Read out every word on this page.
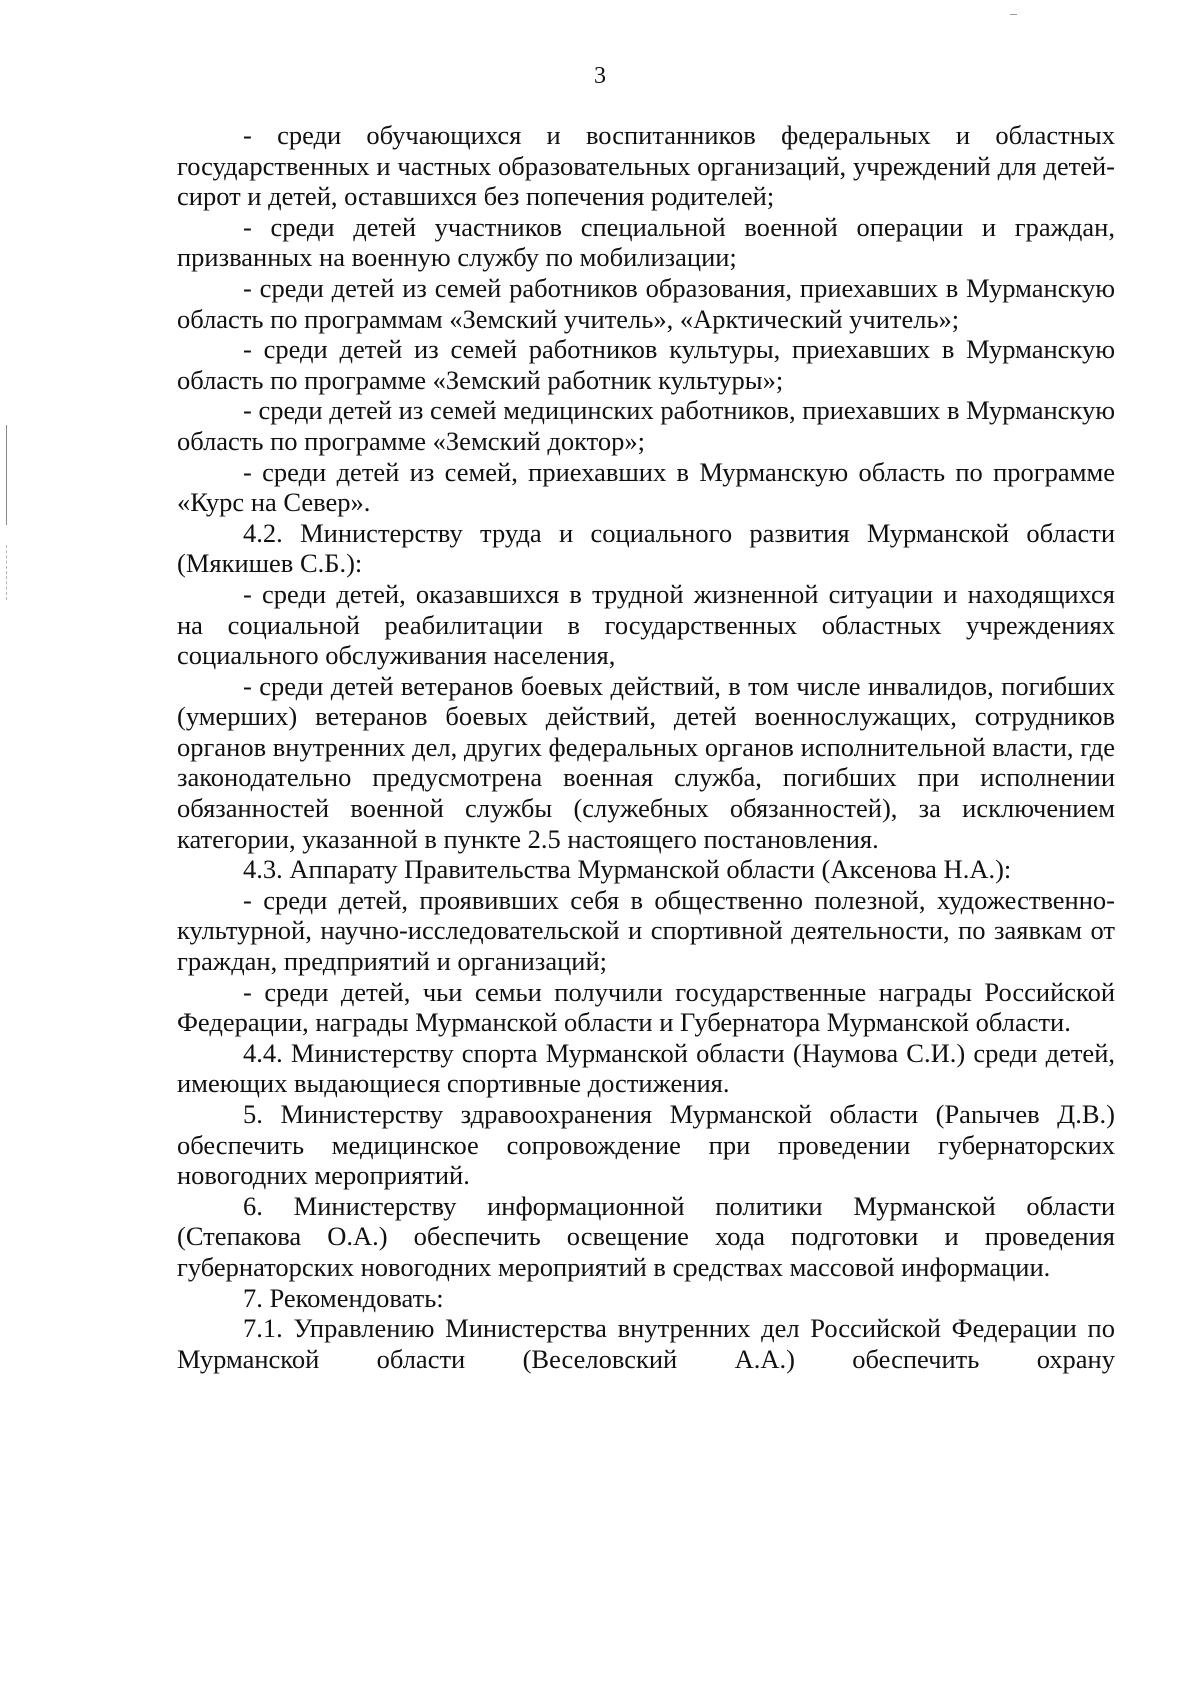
3

- среди обучающихся и воспитанников федеральных и областных государственных и частных образовательных организаций, учреждений для детей-сирот и детей, оставшихся без попечения родителей;

- среди детей участников специальной военной операции и граждан, призванных на военную службу по мобилизации;

- среди детей из семей работников образования, приехавших в Мурманскую область по программам «Земский учитель», «Арктический учитель»;

- среди детей из семей работников культуры, приехавших в Мурманскую область по программе «Земский работник культуры»;

- среди детей из семей медицинских работников, приехавших в Мурманскую область по программе «Земский доктор»;

- среди детей из семей, приехавших в Мурманскую область по программе «Курс на Север».

4.2. Министерству труда и социального развития Мурманской области (Мякишев С.Б.):

- среди детей, оказавшихся в трудной жизненной ситуации и находящихся на социальной реабилитации в государственных областных учреждениях социального обслуживания населения,

- среди детей ветеранов боевых действий, в том числе инвалидов, погибших (умерших) ветеранов боевых действий, детей военнослужащих, сотрудников органов внутренних дел, других федеральных органов исполнительной власти, где законодательно предусмотрена военная служба, погибших при исполнении обязанностей военной службы (служебных обязанностей), за исключением категории, указанной в пункте 2.5 настоящего постановления.

4.3. Аппарату Правительства Мурманской области (Аксенова Н.А.):

- среди детей, проявивших себя в общественно полезной, художественно-культурной, научно-исследовательской и спортивной деятельности, по заявкам от граждан, предприятий и организаций;

- среди детей, чьи семьи получили государственные награды Российской Федерации, награды Мурманской области и Губернатора Мурманской области.

4.4. Министерству спорта Мурманской области (Наумова С.И.) среди детей, имеющих выдающиеся спортивные достижения.

5. Министерству здравоохранения Мурманской области (Panычев Д.В.) обеспечить медицинское сопровождение при проведении губернаторских новогодних мероприятий.

6. Министерству информационной политики Мурманской области (Степакова О.А.) обеспечить освещение хода подготовки и проведения губернаторских новогодних мероприятий в средствах массовой информации.

7. Рекомендовать:

7.1. Управлению Министерства внутренних дел Российской Федерации по Мурманской области (Веселовский А.А.) обеспечить охрану
